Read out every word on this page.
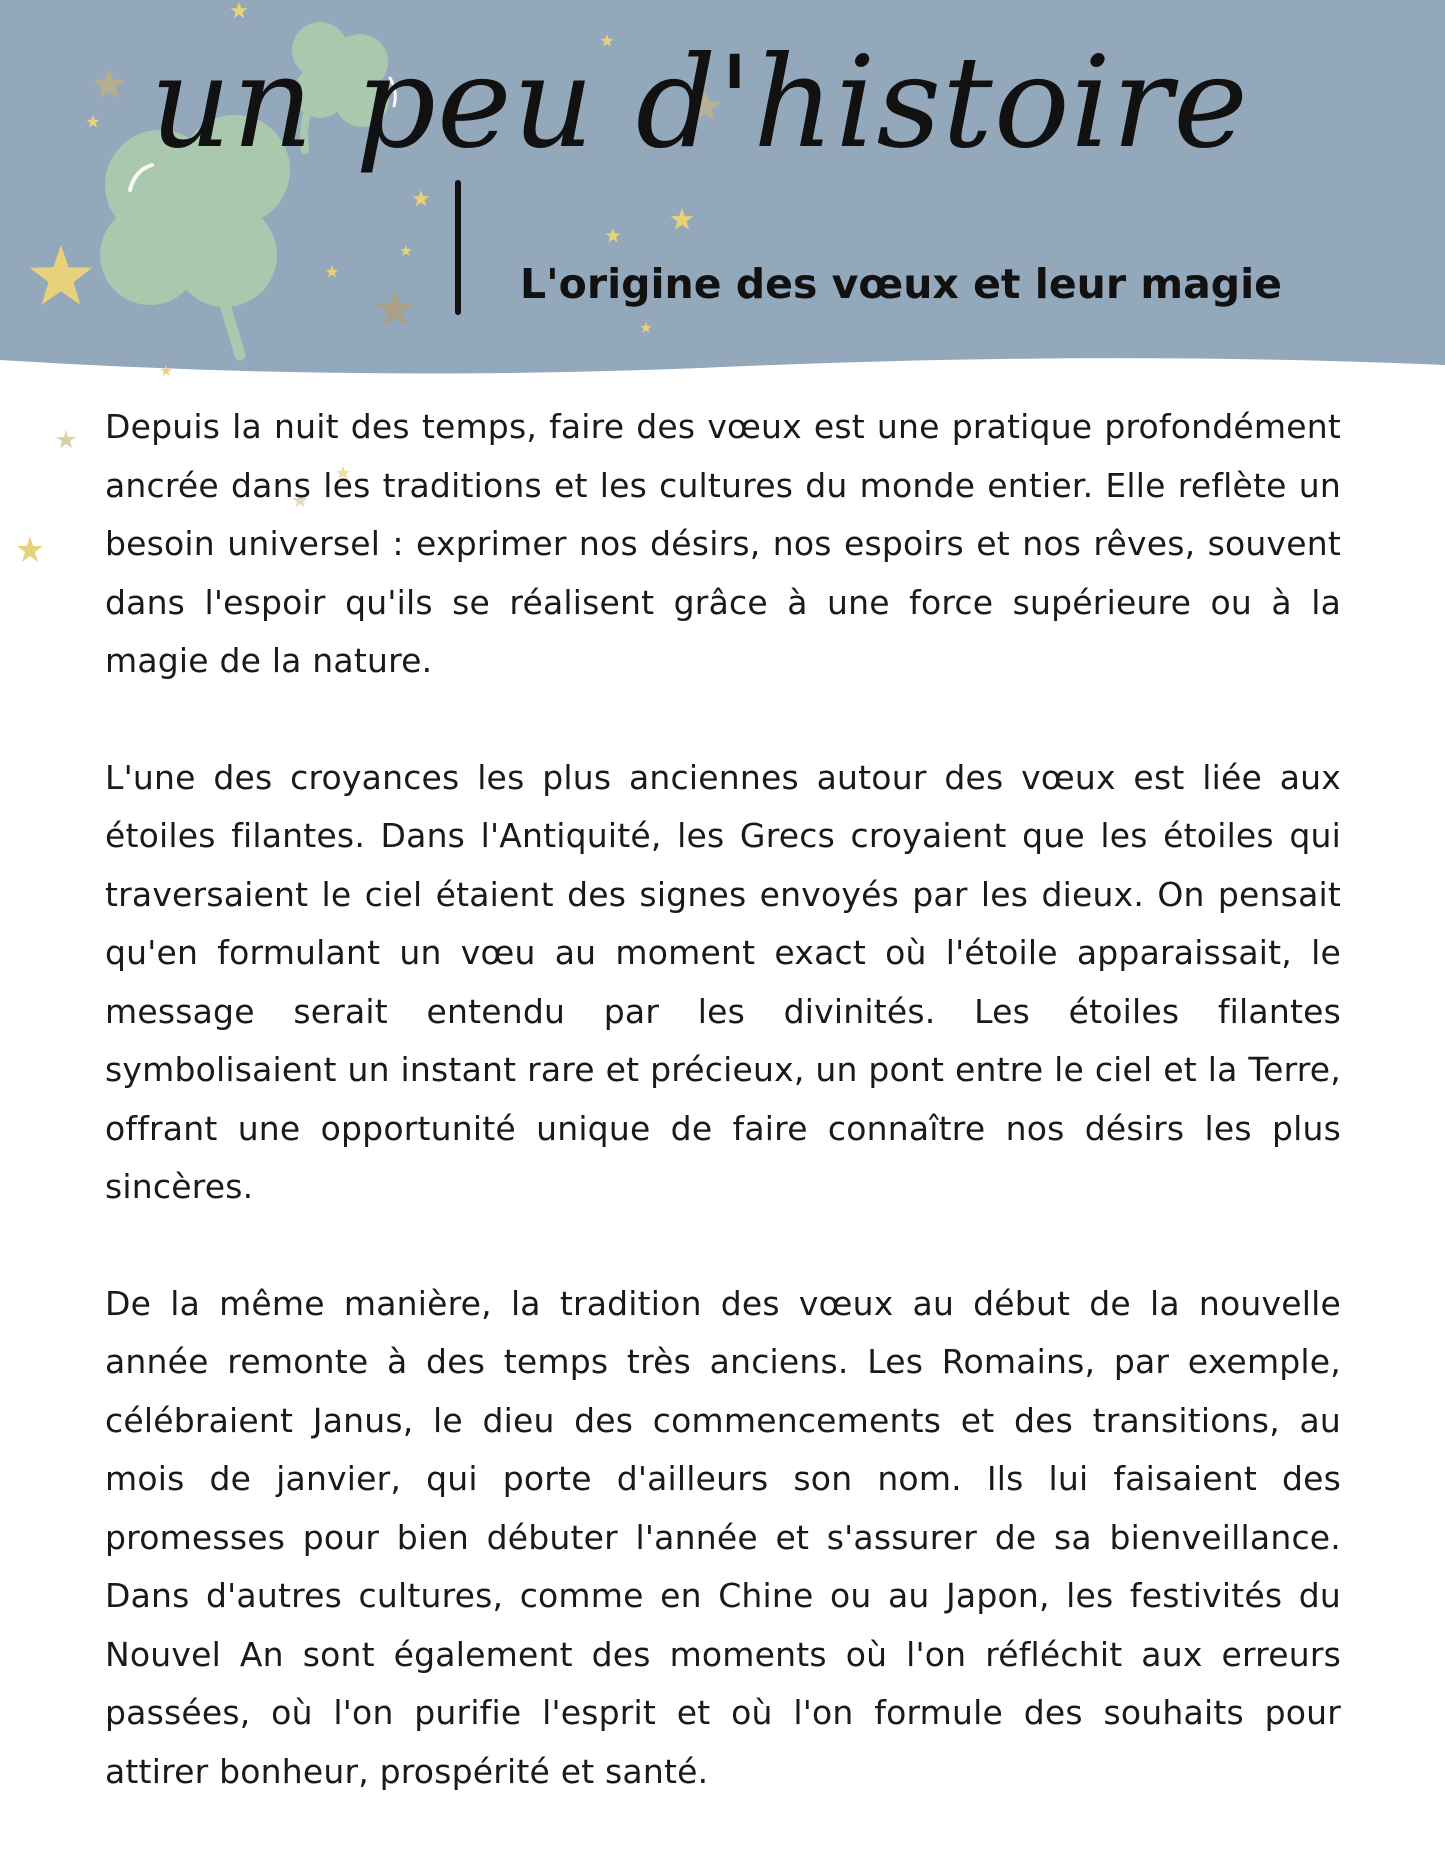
un peu d'histoire
L'origine des vœux et leur magie

Depuis la nuit des temps, faire des vœux est une pratique profondément ancrée dans les traditions et les cultures du monde entier. Elle reflète un besoin universel : exprimer nos désirs, nos espoirs et nos rêves, souvent dans l'espoir qu'ils se réalisent grâce à une force supérieure ou à la magie de la nature.

L'une des croyances les plus anciennes autour des vœux est liée aux étoiles filantes. Dans l'Antiquité, les Grecs croyaient que les étoiles qui traversaient le ciel étaient des signes envoyés par les dieux. On pensait qu'en formulant un vœu au moment exact où l'étoile apparaissait, le message serait entendu par les divinités. Les étoiles filantes symbolisaient un instant rare et précieux, un pont entre le ciel et la Terre, offrant une opportunité unique de faire connaître nos désirs les plus sincères.

De la même manière, la tradition des vœux au début de la nouvelle année remonte à des temps très anciens. Les Romains, par exemple, célébraient Janus, le dieu des commencements et des transitions, au mois de janvier, qui porte d'ailleurs son nom. Ils lui faisaient des promesses pour bien débuter l'année et s'assurer de sa bienveillance. Dans d'autres cultures, comme en Chine ou au Japon, les festivités du Nouvel An sont également des moments où l'on réfléchit aux erreurs passées, où l'on purifie l'esprit et où l'on formule des souhaits pour attirer bonheur, prospérité et santé.
